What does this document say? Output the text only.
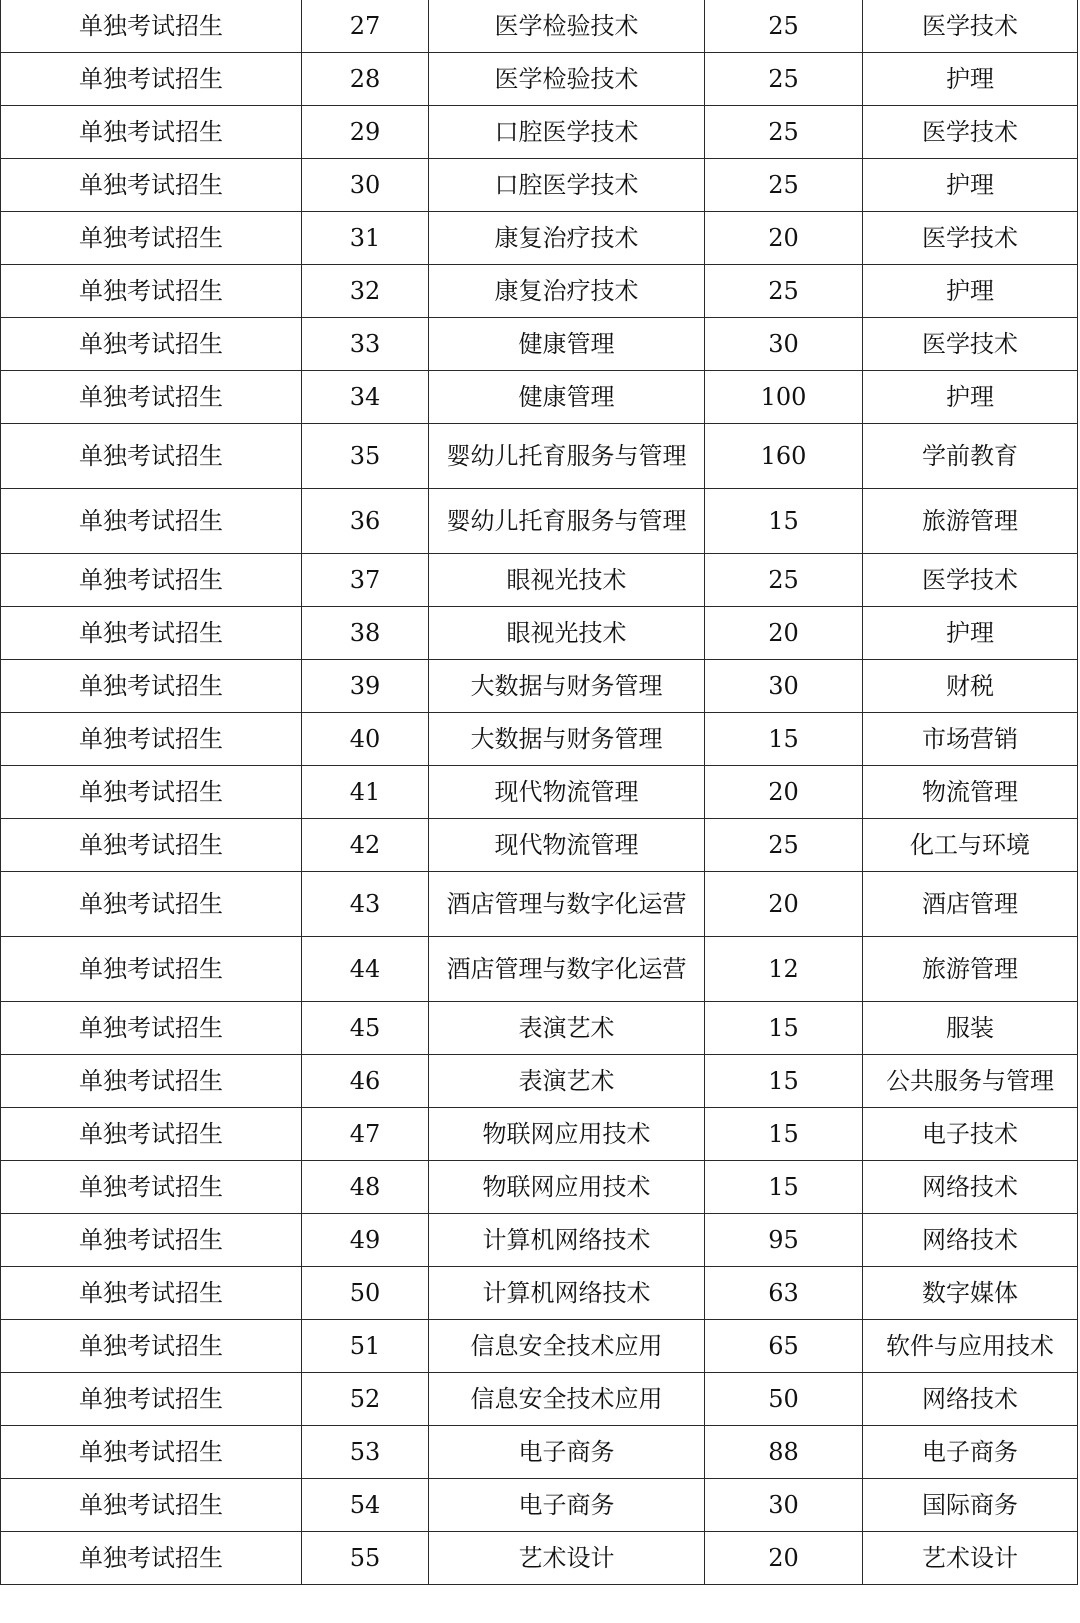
单独考试招生	27	医学检验技术	25	医学技术
单独考试招生	28	医学检验技术	25	护理
单独考试招生	29	口腔医学技术	25	医学技术
单独考试招生	30	口腔医学技术	25	护理
单独考试招生	31	康复治疗技术	20	医学技术
单独考试招生	32	康复治疗技术	25	护理
单独考试招生	33	健康管理	30	医学技术
单独考试招生	34	健康管理	100	护理
单独考试招生	35	婴幼儿托育服务与管理	160	学前教育
单独考试招生	36	婴幼儿托育服务与管理	15	旅游管理
单独考试招生	37	眼视光技术	25	医学技术
单独考试招生	38	眼视光技术	20	护理
单独考试招生	39	大数据与财务管理	30	财税
单独考试招生	40	大数据与财务管理	15	市场营销
单独考试招生	41	现代物流管理	20	物流管理
单独考试招生	42	现代物流管理	25	化工与环境
单独考试招生	43	酒店管理与数字化运营	20	酒店管理
单独考试招生	44	酒店管理与数字化运营	12	旅游管理
单独考试招生	45	表演艺术	15	服装
单独考试招生	46	表演艺术	15	公共服务与管理
单独考试招生	47	物联网应用技术	15	电子技术
单独考试招生	48	物联网应用技术	15	网络技术
单独考试招生	49	计算机网络技术	95	网络技术
单独考试招生	50	计算机网络技术	63	数字媒体
单独考试招生	51	信息安全技术应用	65	软件与应用技术
单独考试招生	52	信息安全技术应用	50	网络技术
单独考试招生	53	电子商务	88	电子商务
单独考试招生	54	电子商务	30	国际商务
单独考试招生	55	艺术设计	20	艺术设计
